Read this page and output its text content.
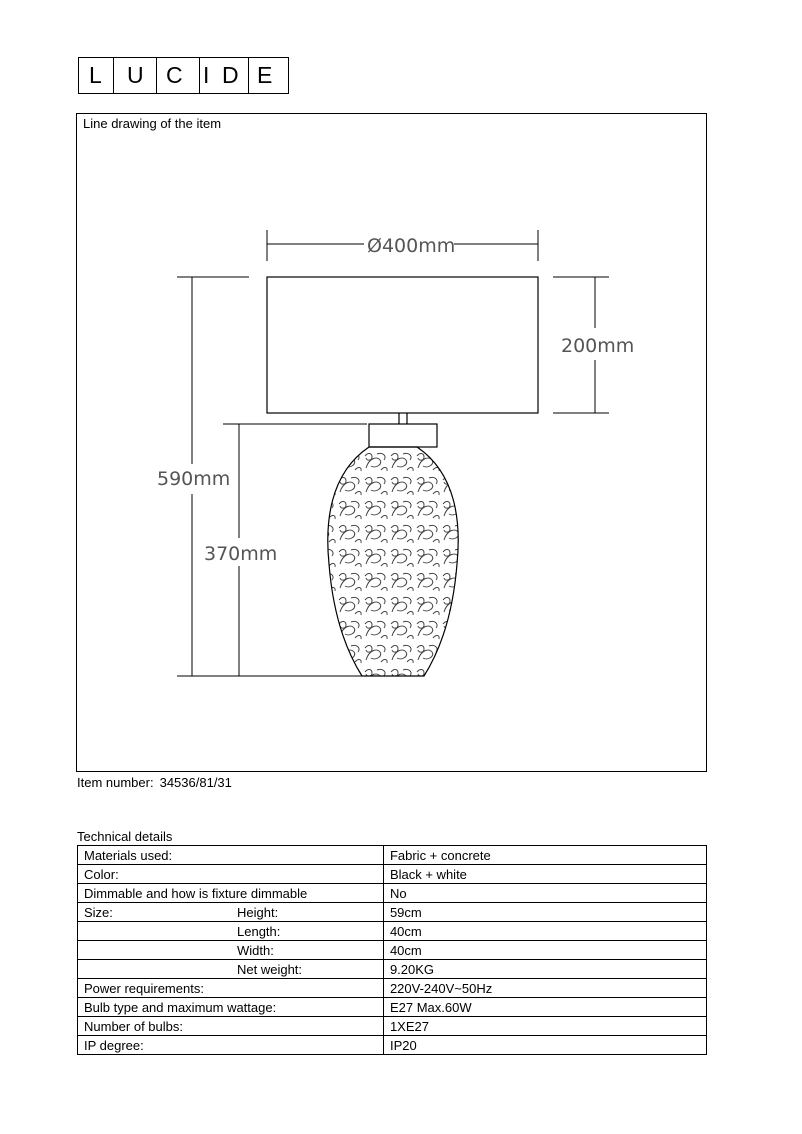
L U C I D E
Line drawing of the item
Ø400mm
200mm
590mm
370mm
Item number: 34536/81/31
Technical details
Materials used:	Fabric + concrete
Color:	Black + white
Dimmable and how is fixture dimmable	No
Size: Height:	59cm

Length:	40cm

Width:	40cm

Net weight:	9.20KG
Power requirements:	220V-240V~50Hz
Bulb type and maximum wattage:	E27 Max.60W
Number of bulbs:	1XE27
IP degree:	IP20
